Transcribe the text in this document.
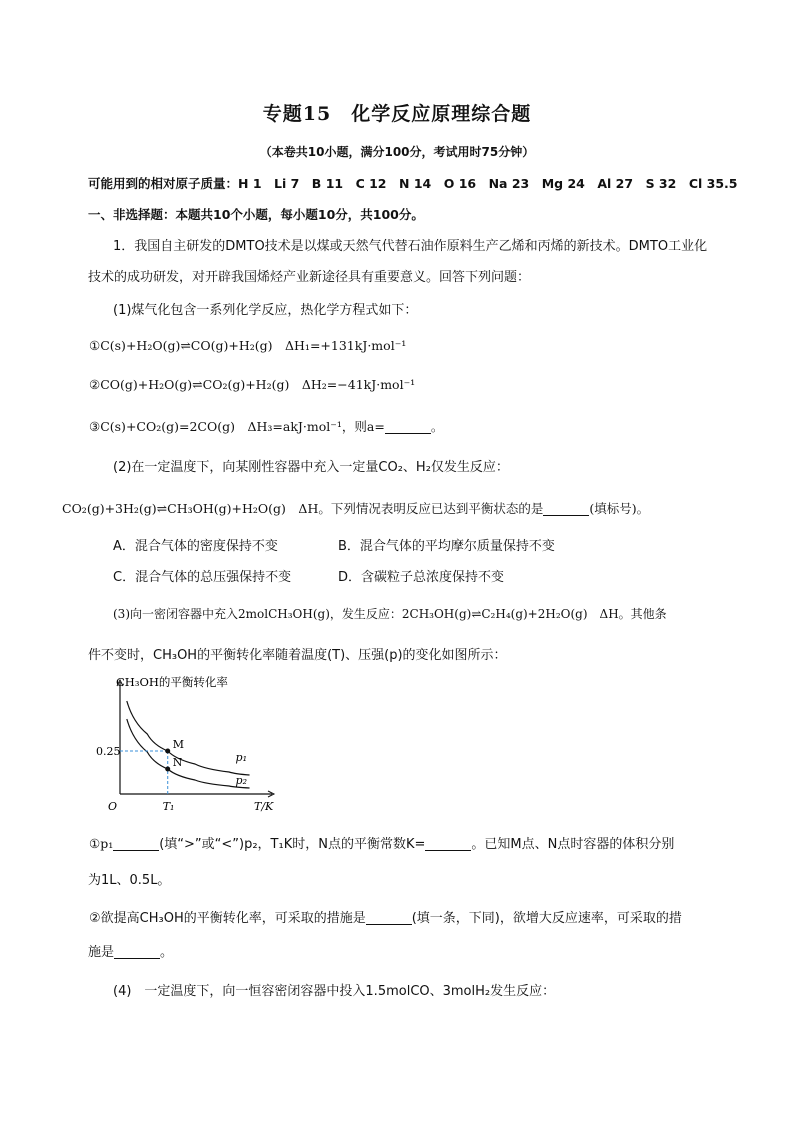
专题15　化学反应原理综合题
（本卷共10小题，满分100分，考试用时75分钟）
可能用到的相对原子质量：H 1　Li 7　B 11　C 12　N 14　O 16　Na 23　Mg 24　Al 27　S 32　Cl 35.5
一、非选择题：本题共10个小题，每小题10分，共100分。
1．我国自主研发的DMTO技术是以煤或天然气代替石油作原料生产乙烯和丙烯的新技术。DMTO工业化
技术的成功研发，对开辟我国烯烃产业新途径具有重要意义。回答下列问题：
(1)煤气化包含一系列化学反应，热化学方程式如下：
①C(s)+H₂O(g)⇌CO(g)+H₂(g)　ΔH₁=+131kJ·mol⁻¹
②CO(g)+H₂O(g)⇌CO₂(g)+H₂(g)　ΔH₂=−41kJ·mol⁻¹
③C(s)+CO₂(g)=2CO(g)　ΔH₃=akJ·mol⁻¹，则a=	。
(2)在一定温度下，向某刚性容器中充入一定量CO₂、H₂仅发生反应：
CO₂(g)+3H₂(g)⇌CH₃OH(g)+H₂O(g)　ΔH。下列情况表明反应已达到平衡状态的是	(填标号)。
A．混合气体的密度保持不变	B．混合气体的平均摩尔质量保持不变
C．混合气体的总压强保持不变	D．含碳粒子总浓度保持不变
(3)向一密闭容器中充入2molCH₃OH(g)，发生反应：2CH₃OH(g)⇌C₂H₄(g)+2H₂O(g)　ΔH。其他条
件不变时，CH₃OH的平衡转化率随着温度(T)、压强(p)的变化如图所示：
CH₃OH的平衡转化率
T/K
O
p₁
p₂
M
N
0.25
T₁
①p₁	(填“>”或“<”)p₂，T₁K时，N点的平衡常数K=	。已知M点、N点时容器的体积分别
为1L、0.5L。
②欲提高CH₃OH的平衡转化率，可采取的措施是	(填一条，下同)，欲增大反应速率，可采取的措
施是	。
(4)　一定温度下，向一恒容密闭容器中投入1.5molCO、3molH₂发生反应：
